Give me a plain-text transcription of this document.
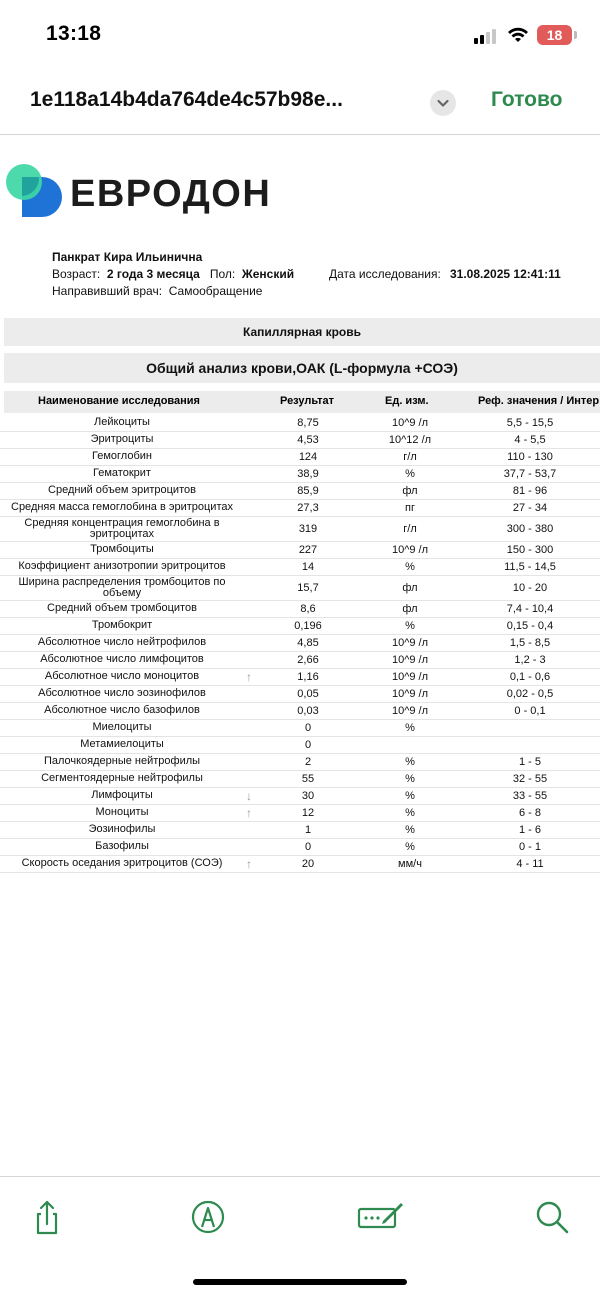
13:18	18
1e118a14b4da764de4c57b98e...	Готово
ЕВРОДОН
Панкрат Кира Ильинична
Возраст: 2 года 3 месяца Пол: Женский	Дата исследования: 31.08.2025 12:41:11
Направивший врач: Самообращение
Капиллярная кровь
Общий анализ крови,ОАК (L-формула +СОЭ)
Наименование исследования	Результат	Ед. изм.	Реф. значения / Интер
Лейкоциты	8,75	10^9 /л	5,5 - 15,5
Эритроциты	4,53	10^12 /л	4 - 5,5
Гемоглобин	124	г/л	110 - 130
Гематокрит	38,9	%	37,7 - 53,7
Средний объем эритроцитов	85,9	фл	81 - 96
Средняя масса гемоглобина в эритроцитах	27,3	пг	27 - 34
Средняя концентрация гемоглобина в эритроцитах	319	г/л	300 - 380
Тромбоциты	227	10^9 /л	150 - 300
Коэффициент анизотропии эритроцитов	14	%	11,5 - 14,5
Ширина распределения тромбоцитов по объему	15,7	фл	10 - 20
Средний объем тромбоцитов	8,6	фл	7,4 - 10,4
Тромбокрит	0,196	%	0,15 - 0,4
Абсолютное число нейтрофилов	4,85	10^9 /л	1,5 - 8,5
Абсолютное число лимфоцитов	2,66	10^9 /л	1,2 - 3
Абсолютное число моноцитов	↑	1,16	10^9 /л	0,1 - 0,6
Абсолютное число эозинофилов	0,05	10^9 /л	0,02 - 0,5
Абсолютное число базофилов	0,03	10^9 /л	0 - 0,1
Миелоциты	0	%
Метамиелоциты	0
Палочкоядерные нейтрофилы	2	%	1 - 5
Сегментоядерные нейтрофилы	55	%	32 - 55
Лимфоциты	↓	30	%	33 - 55
Моноциты	↑	12	%	6 - 8
Эозинофилы	1	%	1 - 6
Базофилы	0	%	0 - 1
Скорость оседания эритроцитов (СОЭ)	↑	20	мм/ч	4 - 11
